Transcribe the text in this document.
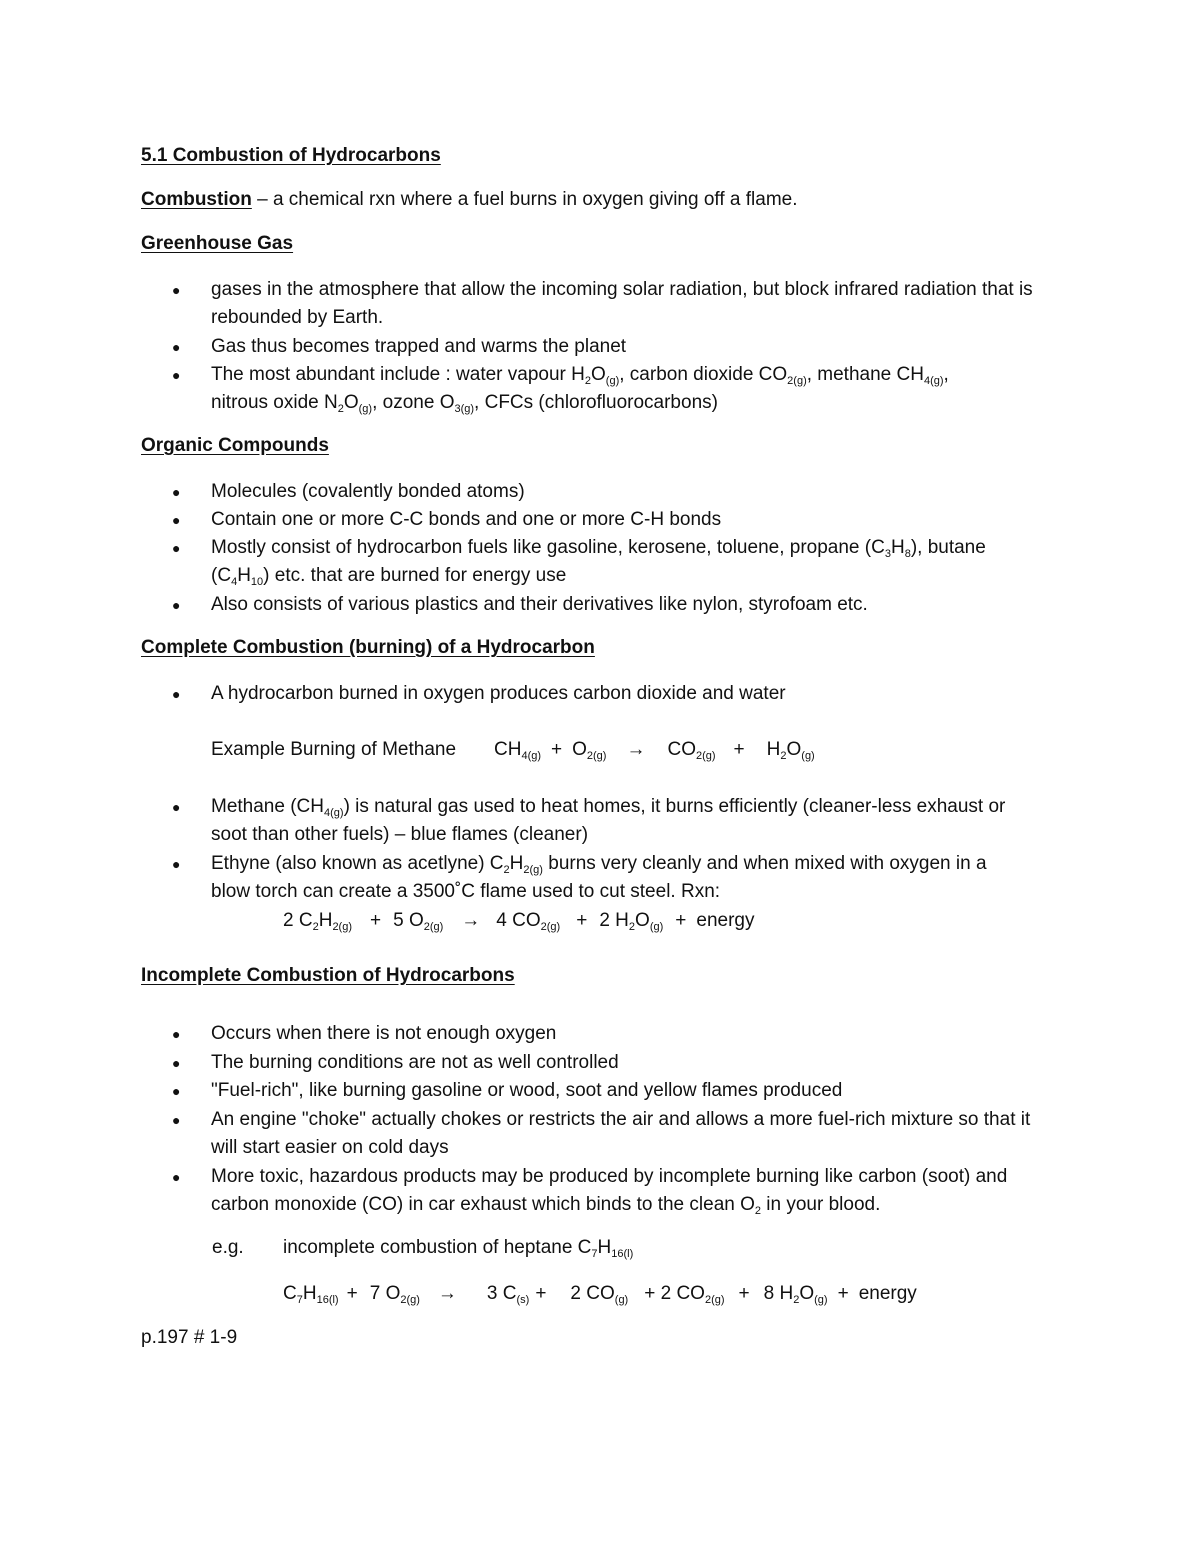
5.1 Combustion of Hydrocarbons

Combustion – a chemical rxn where a fuel burns in oxygen giving off a flame.

Greenhouse Gas

● gases in the atmosphere that allow the incoming solar radiation, but block infrared radiation that is rebounded by Earth.

● Gas thus becomes trapped and warms the planet

● The most abundant include : water vapour $H_2O_{(g)}$, carbon dioxide $CO_{2(g)}$, methane $CH_{4(g)}$,

nitrous oxide $N_2O_{(g)}$, ozone $O_{3(g)}$, CFCs (chlorofluorocarbons)

Organic Compounds

● Molecules (covalently bonded atoms)

● Contain one or more C-C bonds and one or more C-H bonds

● Mostly consist of hydrocarbon fuels like gasoline, kerosene, toluene, propane $(C_3H_8)$, butane

$(C_4H_{10})$ etc. that are burned for energy use

● Also consists of various plastics and their derivatives like nylon, styrofoam etc.

Complete Combustion (burning) of a Hydrocarbon

● A hydrocarbon burned in oxygen produces carbon dioxide and water

Example Burning of Methane $CH_{4(g)} + O_{2(g)} \to CO_{2(g)} + H_2O_{(g)}$

● Methane $(CH_{4(g)})$ is natural gas used to heat homes, it burns efficiently (cleaner-less exhaust or

soot than other fuels) – blue flames (cleaner)

● Ethyne (also known as acetlyne) $C_2H_{2(g)}$ burns very cleanly and when mixed with oxygen in a

blow torch can create a 3500˚C flame used to cut steel. Rxn:

2 $C_2H_{2(g)} + 5$ $O_{2(g)} \to 4$ $CO_{2(g)} + 2$ $H_2O_{(g)}$ + energy

Incomplete Combustion of Hydrocarbons

● Occurs when there is not enough oxygen

● The burning conditions are not as well controlled

● "Fuel-rich", like burning gasoline or wood, soot and yellow flames produced

● An engine "choke" actually chokes or restricts the air and allows a more fuel-rich mixture so that it will start easier on cold days

● More toxic, hazardous products may be produced by incomplete burning like carbon (soot) and

carbon monoxide (CO) in car exhaust which binds to the clean $O_2$ in your blood.

e.g. incomplete combustion of heptane $C_7H_{16(l)}$

$C_7H_{16(l)} + 7$ $O_{2(g)} \to 3$ $C_{(s)} + 2$ $CO_{(g)} + 2$ $CO_{2(g)} + 8$ $H_2O_{(g)}$ + energy

p.197 # 1-9
